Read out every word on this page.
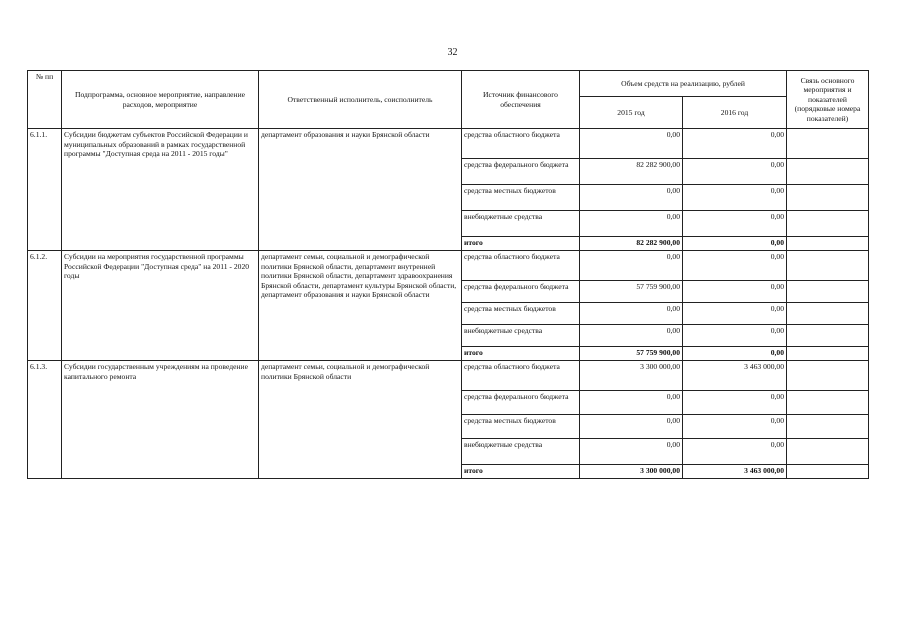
32
№ пп	Подпрограмма, основное мероприятие, направление расходов, мероприятие	Ответственный исполнитель, соисполнитель	Источник финансового обеспечения	Объем средств на реализацию, рублей		Связь основного мероприятия и показателей (порядковые номера показателей)
				2015 год	2016 год	
6.1.1.	Субсидии бюджетам субъектов Российской Федерации и муниципальных образований в рамках государственной программы "Доступная среда на 2011 - 2015 годы"	департамент образования и науки Брянской области	средства областного бюджета	0,00	0,00	
			средства федерального бюджета	82 282 900,00	0,00	
			средства местных бюджетов	0,00	0,00	
			внебюджетные средства	0,00	0,00	
			итого	82 282 900,00	0,00	
6.1.2.	Субсидии на мероприятия государственной программы Российской Федерации "Доступная среда" на 2011 - 2020 годы	департамент семьи, социальной и демографической политики Брянской области, департамент внутренней политики Брянской области, департамент здравоохранения Брянской области, департамент культуры Брянской области, департамент образования и науки Брянской области	средства областного бюджета	0,00	0,00	
			средства федерального бюджета	57 759 900,00	0,00	
			средства местных бюджетов	0,00	0,00	
			внебюджетные средства	0,00	0,00	
			итого	57 759 900,00	0,00	
6.1.3.	Субсидии государственным учреждениям на проведение капитального ремонта	департамент семьи, социальной и демографической политики Брянской области	средства областного бюджета	3 300 000,00	3 463 000,00	
			средства федерального бюджета	0,00	0,00	
			средства местных бюджетов	0,00	0,00	
			внебюджетные средства	0,00	0,00	
			итого	3 300 000,00	3 463 000,00	
